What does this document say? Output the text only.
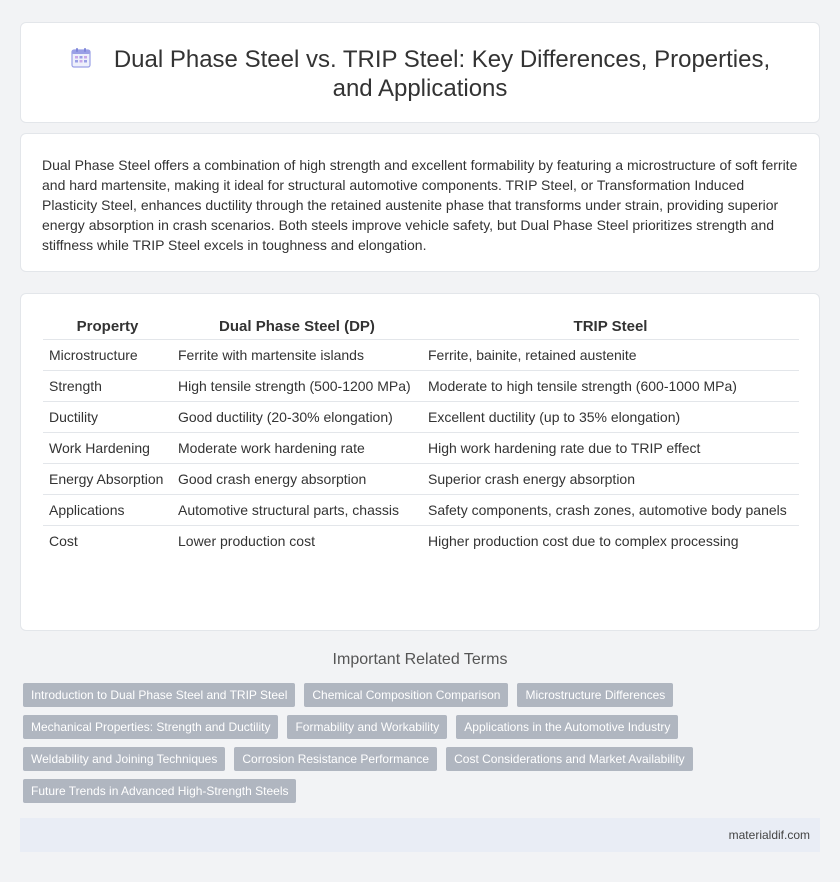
Dual Phase Steel vs. TRIP Steel: Key Differences, Properties, and Applications

Dual Phase Steel offers a combination of high strength and excellent formability by featuring a microstructure of soft ferrite and hard martensite, making it ideal for structural automotive components. TRIP Steel, or Transformation Induced Plasticity Steel, enhances ductility through the retained austenite phase that transforms under strain, providing superior energy absorption in crash scenarios. Both steels improve vehicle safety, but Dual Phase Steel prioritizes strength and stiffness while TRIP Steel excels in toughness and elongation.

Property	Dual Phase Steel (DP)	TRIP Steel
Microstructure	Ferrite with martensite islands	Ferrite, bainite, retained austenite
Strength	High tensile strength (500-1200 MPa)	Moderate to high tensile strength (600-1000 MPa)
Ductility	Good ductility (20-30% elongation)	Excellent ductility (up to 35% elongation)
Work Hardening	Moderate work hardening rate	High work hardening rate due to TRIP effect
Energy Absorption	Good crash energy absorption	Superior crash energy absorption
Applications	Automotive structural parts, chassis	Safety components, crash zones, automotive body panels
Cost	Lower production cost	Higher production cost due to complex processing
Important Related Terms
Introduction to Dual Phase Steel and TRIP Steel	Chemical Composition Comparison	Microstructure Differences
Mechanical Properties: Strength and Ductility	Formability and Workability	Applications in the Automotive Industry
Weldability and Joining Techniques	Corrosion Resistance Performance	Cost Considerations and Market Availability
Future Trends in Advanced High-Strength Steels
materialdif.com
